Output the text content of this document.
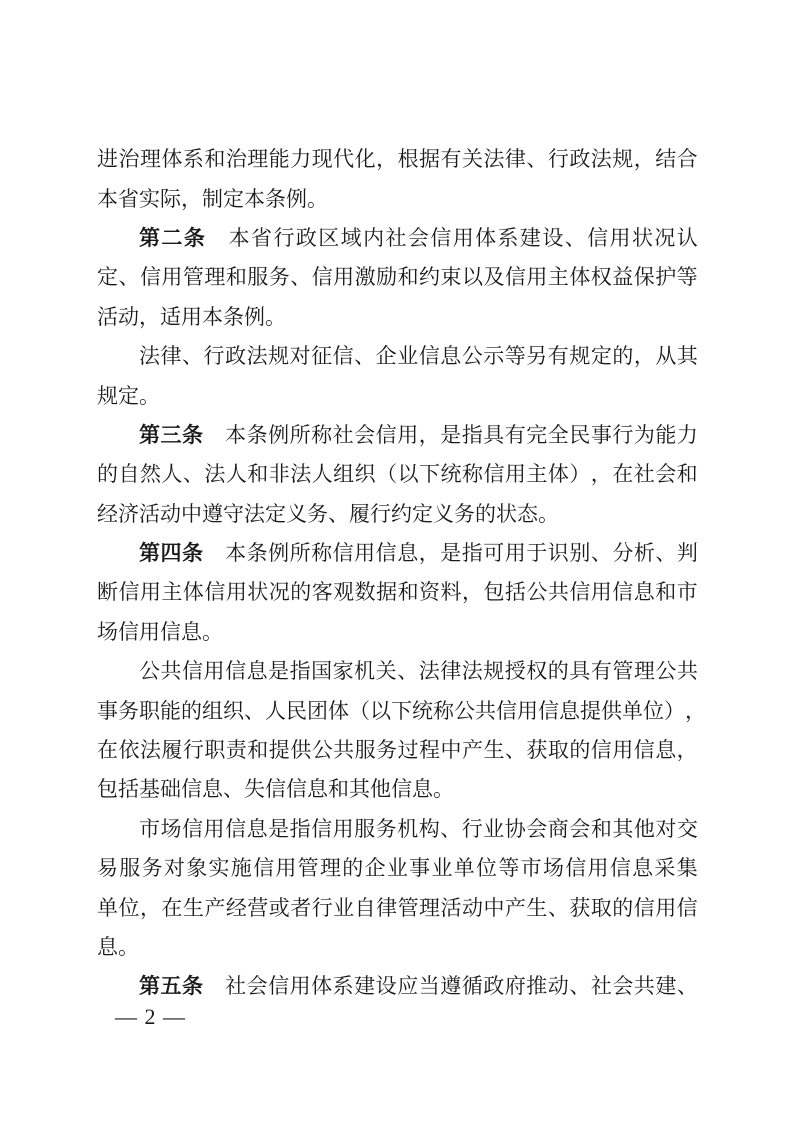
进 治 理 体 系 和 治 理 能 力 现 代 化 ， 根 据 有 关 法 律 、 行 政 法 规 ， 结 合
本 省 实 际 ， 制 定 本 条 例 。
第 二 条 本 省 行 政 区 域 内 社 会 信 用 体 系 建 设 、 信 用 状 况 认
定 、 信 用 管 理 和 服 务 、 信 用 激 励 和 约 束 以 及 信 用 主 体 权 益 保 护 等
活 动 ， 适 用 本 条 例 。
法 律 、 行 政 法 规 对 征 信 、 企 业 信 息 公 示 等 另 有 规 定 的 ， 从 其
规 定 。
第 三 条 本 条 例 所 称 社 会 信 用 ， 是 指 具 有 完 全 民 事 行 为 能 力
的 自 然 人 、 法 人 和 非 法 人 组 织 （ 以 下 统 称 信 用 主 体 ） ， 在 社 会 和
经 济 活 动 中 遵 守 法 定 义 务 、 履 行 约 定 义 务 的 状 态 。
第 四 条 本 条 例 所 称 信 用 信 息 ， 是 指 可 用 于 识 别 、 分 析 、 判
断 信 用 主 体 信 用 状 况 的 客 观 数 据 和 资 料 ， 包 括 公 共 信 用 信 息 和 市
场 信 用 信 息 。
公 共 信 用 信 息 是 指 国 家 机 关 、 法 律 法 规 授 权 的 具 有 管 理 公 共
事 务 职 能 的 组 织 、 人 民 团 体 （ 以 下 统 称 公 共 信 用 信 息 提 供 单 位 ） ，
在 依 法 履 行 职 责 和 提 供 公 共 服 务 过 程 中 产 生 、 获 取 的 信 用 信 息 ，
包 括 基 础 信 息 、 失 信 信 息 和 其 他 信 息 。
市 场 信 用 信 息 是 指 信 用 服 务 机 构 、 行 业 协 会 商 会 和 其 他 对 交
易 服 务 对 象 实 施 信 用 管 理 的 企 业 事 业 单 位 等 市 场 信 用 信 息 采 集
单 位 ， 在 生 产 经 营 或 者 行 业 自 律 管 理 活 动 中 产 生 、 获 取 的 信 用 信
息 。
第 五 条 社 会 信 用 体 系 建 设 应 当 遵 循 政 府 推 动 、 社 会 共 建 、
— 2 —
